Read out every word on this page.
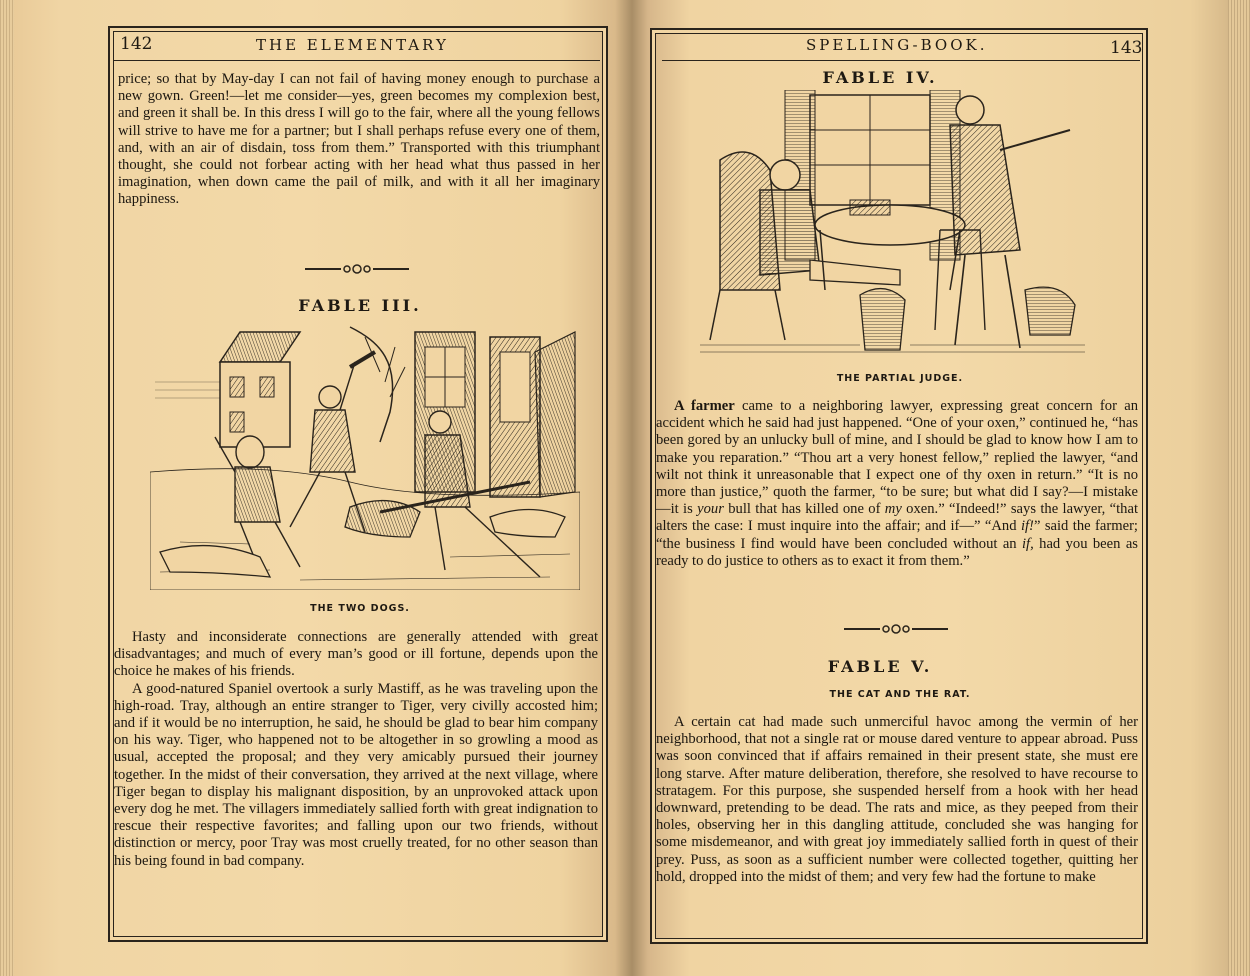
142	THE ELEMENTARY

price; so that by May-day I can not fail of having money enough to purchase a new gown. Green!—let me consider—yes, green becomes my complexion best, and green it shall be. In this dress I will go to the fair, where all the young fellows will strive to have me for a partner; but I shall perhaps refuse every one of them, and, with an air of disdain, toss from them.” Transported with this triumphant thought, she could not forbear acting with her head what thus passed in her imagination, when down came the pail of milk, and with it all her imaginary happiness.

FABLE III.
THE TWO DOGS.

Hasty and inconsiderate connections are generally attended with great disadvantages; and much of every man’s good or ill fortune, depends upon the choice he makes of his friends.

A good-natured Spaniel overtook a surly Mastiff, as he was traveling upon the high-road. Tray, although an entire stranger to Tiger, very civilly accosted him; and if it would be no interruption, he said, he should be glad to bear him company on his way. Tiger, who happened not to be altogether in so growling a mood as usual, accepted the proposal; and they very amicably pursued their journey together. In the midst of their conversation, they arrived at the next village, where Tiger began to display his malignant disposition, by an unprovoked attack upon every dog he met. The villagers immediately sallied forth with great indignation to rescue their respective favorites; and falling upon our two friends, without distinction or mercy, poor Tray was most cruelly treated, for no other season than his being found in bad company.

SPELLING-BOOK.	143
FABLE IV.
THE PARTIAL JUDGE.

A farmer came to a neighboring lawyer, expressing great concern for an accident which he said had just happened. “One of your oxen,” continued he, “has been gored by an unlucky bull of mine, and I should be glad to know how I am to make you reparation.” “Thou art a very honest fellow,” replied the lawyer, “and wilt not think it unreasonable that I expect one of thy oxen in return.” “It is no more than justice,” quoth the farmer, “to be sure; but what did I say?—I mistake—it is your bull that has killed one of my oxen.” “Indeed!” says the lawyer, “that alters the case: I must inquire into the affair; and if—” “And if!” said the farmer; “the business I find would have been concluded without an if, had you been as ready to do justice to others as to exact it from them.”

FABLE V.
THE CAT AND THE RAT.

A certain cat had made such unmerciful havoc among the vermin of her neighborhood, that not a single rat or mouse dared venture to appear abroad. Puss was soon convinced that if affairs remained in their present state, she must ere long starve. After mature deliberation, therefore, she resolved to have recourse to stratagem. For this purpose, she suspended herself from a hook with her head downward, pretending to be dead. The rats and mice, as they peeped from their holes, observing her in this dangling attitude, concluded she was hanging for some misdemeanor, and with great joy immediately sallied forth in quest of their prey. Puss, as soon as a sufficient number were collected together, quitting her hold, dropped into the midst of them; and very few had the fortune to make
